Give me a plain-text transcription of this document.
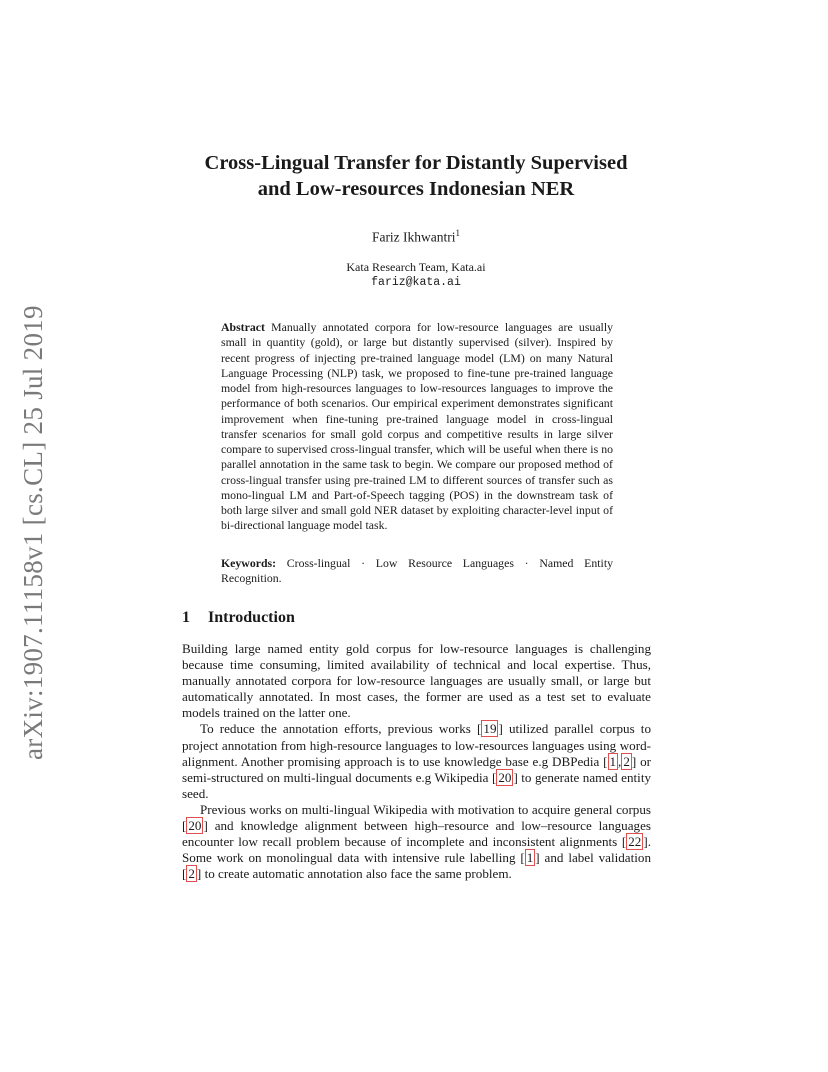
arXiv:1907.11158v1 [cs.CL] 25 Jul 2019
Cross-Lingual Transfer for Distantly Supervised
and Low-resources Indonesian NER
Fariz Ikhwantri$^1$
Kata Research Team, Kata.ai
fariz@kata.ai

Abstract Manually annotated corpora for low-resource languages are usually small in quantity (gold), or large but distantly supervised (silver). Inspired by recent progress of injecting pre-trained language model (LM) on many Natural Language Processing (NLP) task, we proposed to fine-tune pre-trained language model from high-resources languages to low-resources languages to improve the performance of both scenarios. Our empirical experiment demonstrates significant improvement when fine-tuning pre-trained language model in cross-lingual transfer scenarios for small gold corpus and competitive results in large silver compare to supervised cross-lingual transfer, which will be useful when there is no parallel annotation in the same task to begin. We compare our proposed method of cross-lingual transfer using pre-trained LM to different sources of transfer such as mono-lingual LM and Part-of-Speech tagging (POS) in the downstream task of both large silver and small gold NER dataset by exploiting character-level input of bi-directional language model task.

Keywords: Cross-lingual · Low Resource Languages · Named Entity Recognition.

1 Introduction

Building large named entity gold corpus for low-resource languages is challenging because time consuming, limited availability of technical and local expertise. Thus, manually annotated corpora for low-resource languages are usually small, or large but automatically annotated. In most cases, the former are used as a test set to evaluate models trained on the latter one.

To reduce the annotation efforts, previous works [ 19 ] utilized parallel corpus to project annotation from high-resource languages to low-resources languages using word-alignment. Another promising approach is to use knowledge base e.g DBPedia [ 1 , 2 ] or semi-structured on multi-lingual documents e.g Wikipedia [ 20 ] to generate named entity seed.

Previous works on multi-lingual Wikipedia with motivation to acquire general corpus [ 20 ] and knowledge alignment between high–resource and low–resource languages encounter low recall problem because of incomplete and inconsistent alignments [ 22 ]. Some work on monolingual data with intensive rule labelling [ 1 ] and label validation [ 2 ] to create automatic annotation also face the same problem.
